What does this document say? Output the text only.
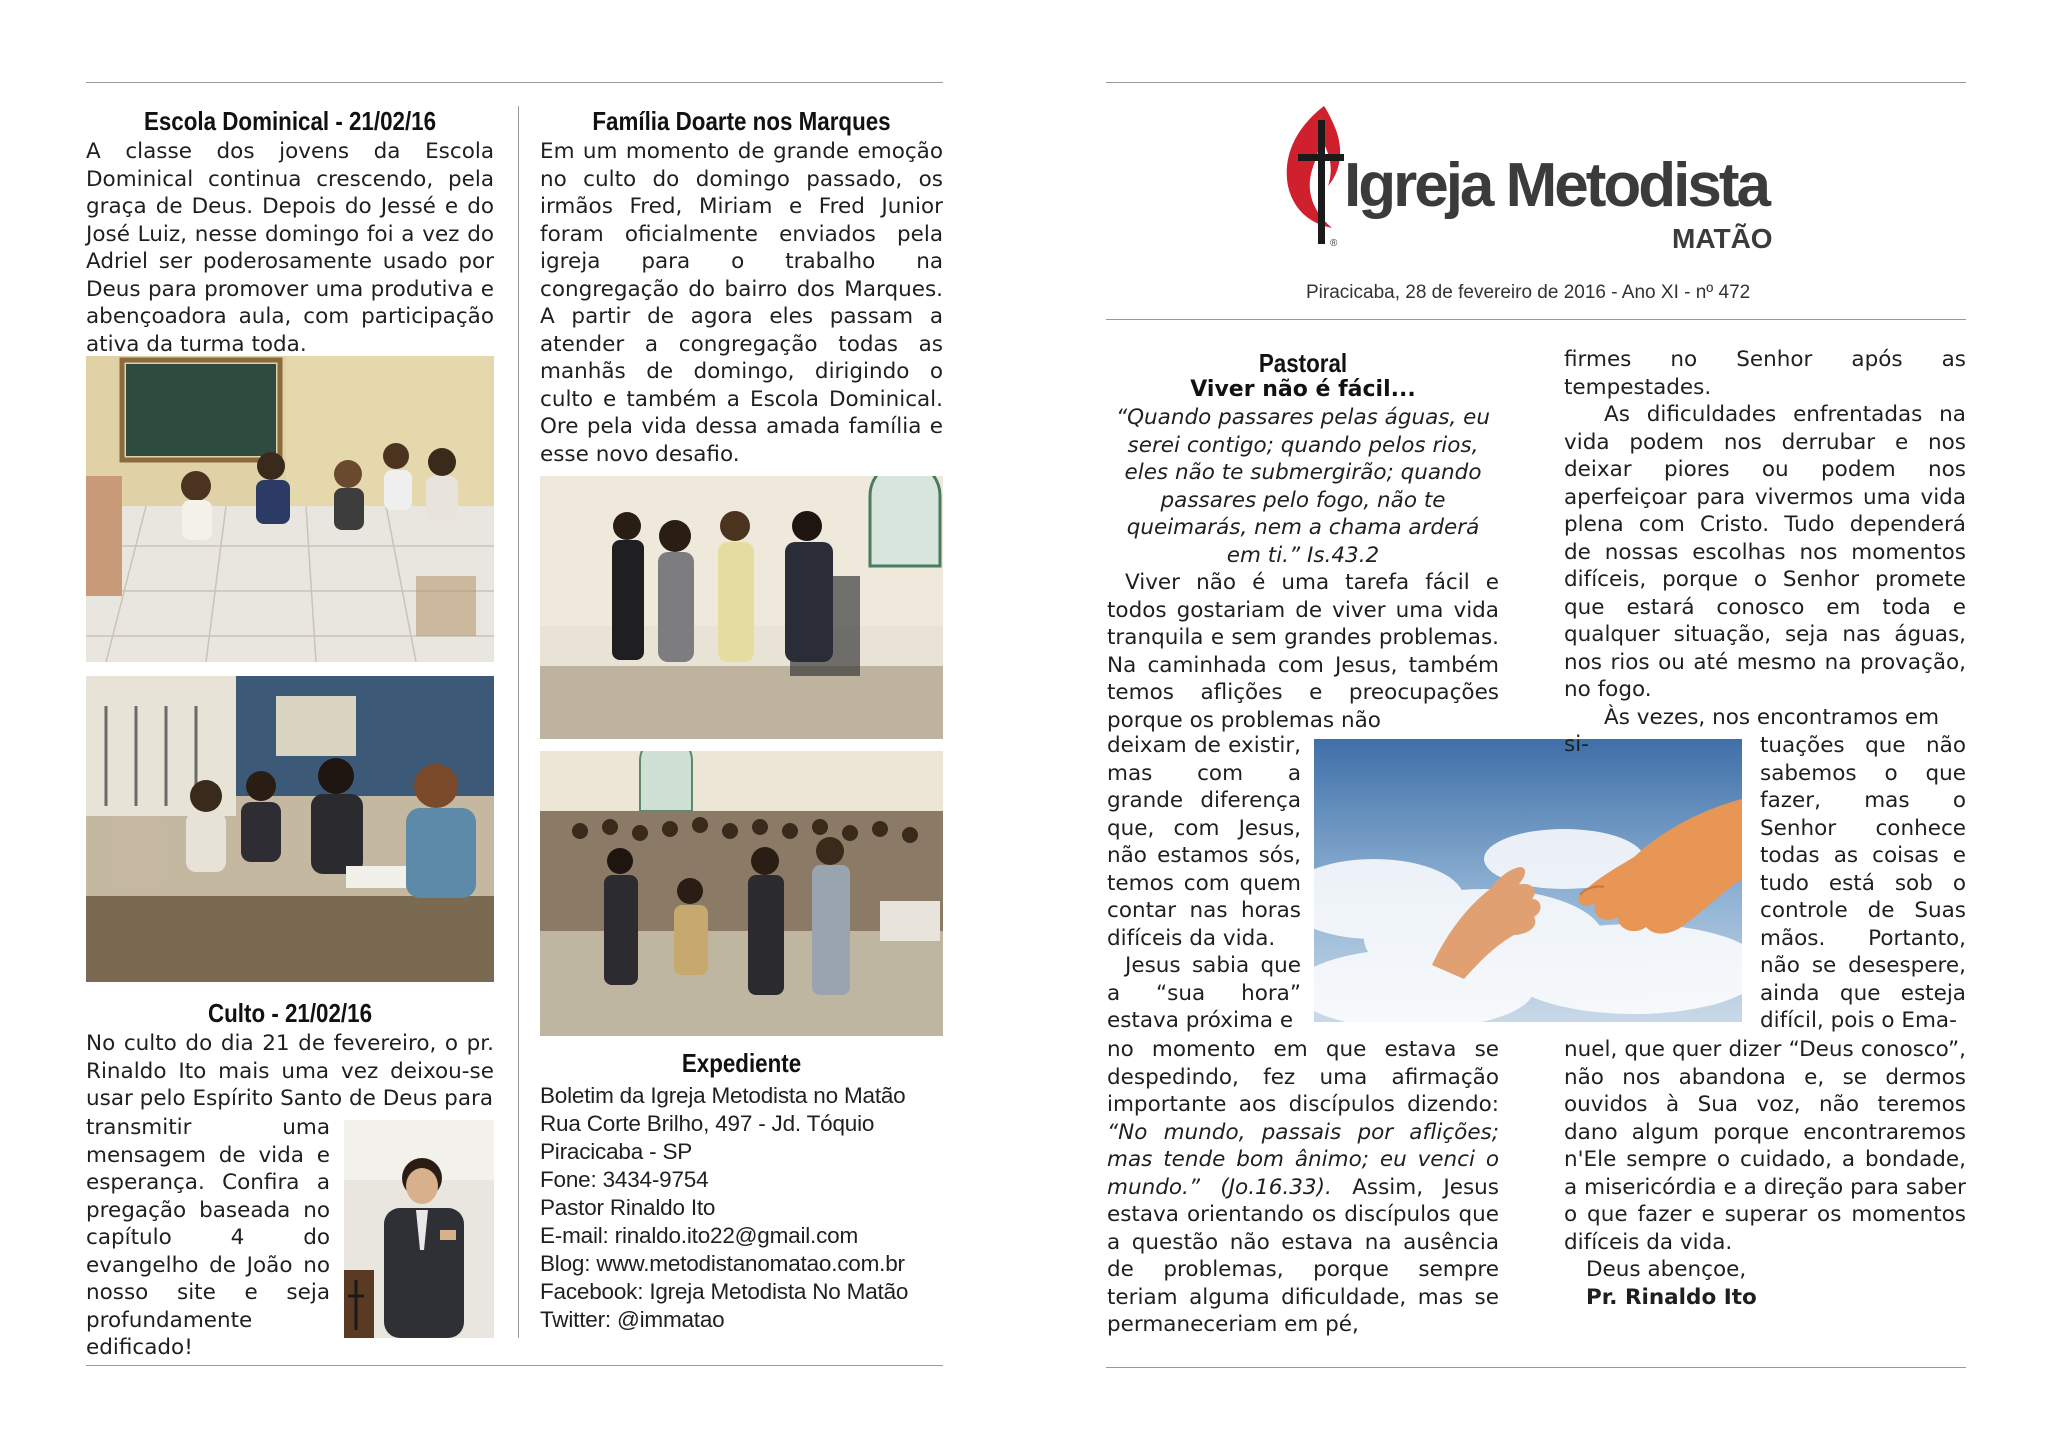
Escola Dominical - 21/02/16

A classe dos jovens da Escola Dominical continua crescendo, pela graça de Deus. Depois do Jessé e do José Luiz, nesse domingo foi a vez do Adriel ser poderosamente usado por Deus para promover uma produtiva e abençoadora aula, com participação ativa da turma toda.

Culto - 21/02/16

No culto do dia 21 de fevereiro, o pr. Rinaldo Ito mais uma vez deixou-se usar pelo Espírito Santo de Deus para

transmitir uma mensagem de vida e esperança. Confira a pregação baseada no capítulo 4 do evangelho de João no nosso site e seja profundamente edificado!

Família Doarte nos Marques

Em um momento de grande emoção no culto do domingo passado, os irmãos Fred, Miriam e Fred Junior foram oficialmente enviados pela igreja para o trabalho na congregação do bairro dos Marques. A partir de agora eles passam a atender a congregação todas as manhãs de domingo, dirigindo o culto e também a Escola Dominical. Ore pela vida dessa amada família e esse novo desafio.

Expediente

Boletim da Igreja Metodista no Matão

Rua Corte Brilho, 497 - Jd. Tóquio

Piracicaba - SP

Fone: 3434-9754

Pastor Rinaldo Ito

E-mail: rinaldo.ito22@gmail.com

Blog: www.metodistanomatao.com.br

Facebook: Igreja Metodista No Matão

Twitter: @immatao

Igreja Metodista
®	MATÃO
Piracicaba, 28 de fevereiro de 2016 - Ano XI - nº 472
Pastoral
Viver não é fácil...

“Quando passares pelas águas, eu serei contigo; quando pelos rios, eles não te submergirão; quando passares pelo fogo, não te queimarás, nem a chama arderá em ti.” Is.43.2

Viver não é uma tarefa fácil e todos gostariam de viver uma vida tranquila e sem grandes problemas. Na caminhada com Jesus, também temos aflições e preocupações porque os problemas não

deixam de existir, mas com a grande diferença que, com Jesus, não estamos sós, temos com quem contar nas horas difíceis da vida.

Jesus sabia que a “sua hora” estava próxima e

no momento em que estava se despedindo, fez uma afirmação importante aos discípulos dizendo: “No mundo, passais por aflições; mas tende bom ânimo; eu venci o mundo.” (Jo.16.33). Assim, Jesus estava orientando os discípulos que a questão não estava na ausência de problemas, porque sempre teriam alguma dificuldade, mas se permaneceriam em pé,

firmes no Senhor após as tempestades.

As dificuldades enfrentadas na vida podem nos derrubar e nos deixar piores ou podem nos aperfeiçoar para vivermos uma vida plena com Cristo. Tudo dependerá de nossas escolhas nos momentos difíceis, porque o Senhor promete que estará conosco em toda e qualquer situação, seja nas águas, nos rios ou até mesmo na provação, no fogo.

Às vezes, nos encontramos em si-	tuações que não sabemos o que fazer, mas o Senhor conhece todas as coisas e tudo está sob o controle de Suas mãos. Portanto, não se desespere, ainda que esteja difícil, pois o Ema-

nuel, que quer dizer “Deus conosco”, não nos abandona e, se dermos ouvidos à Sua voz, não teremos dano algum porque encontraremos n'Ele sempre o cuidado, a bondade, a misericórdia e a direção para saber o que fazer e superar os momentos difíceis da vida.

Deus abençoe,

Pr. Rinaldo Ito
